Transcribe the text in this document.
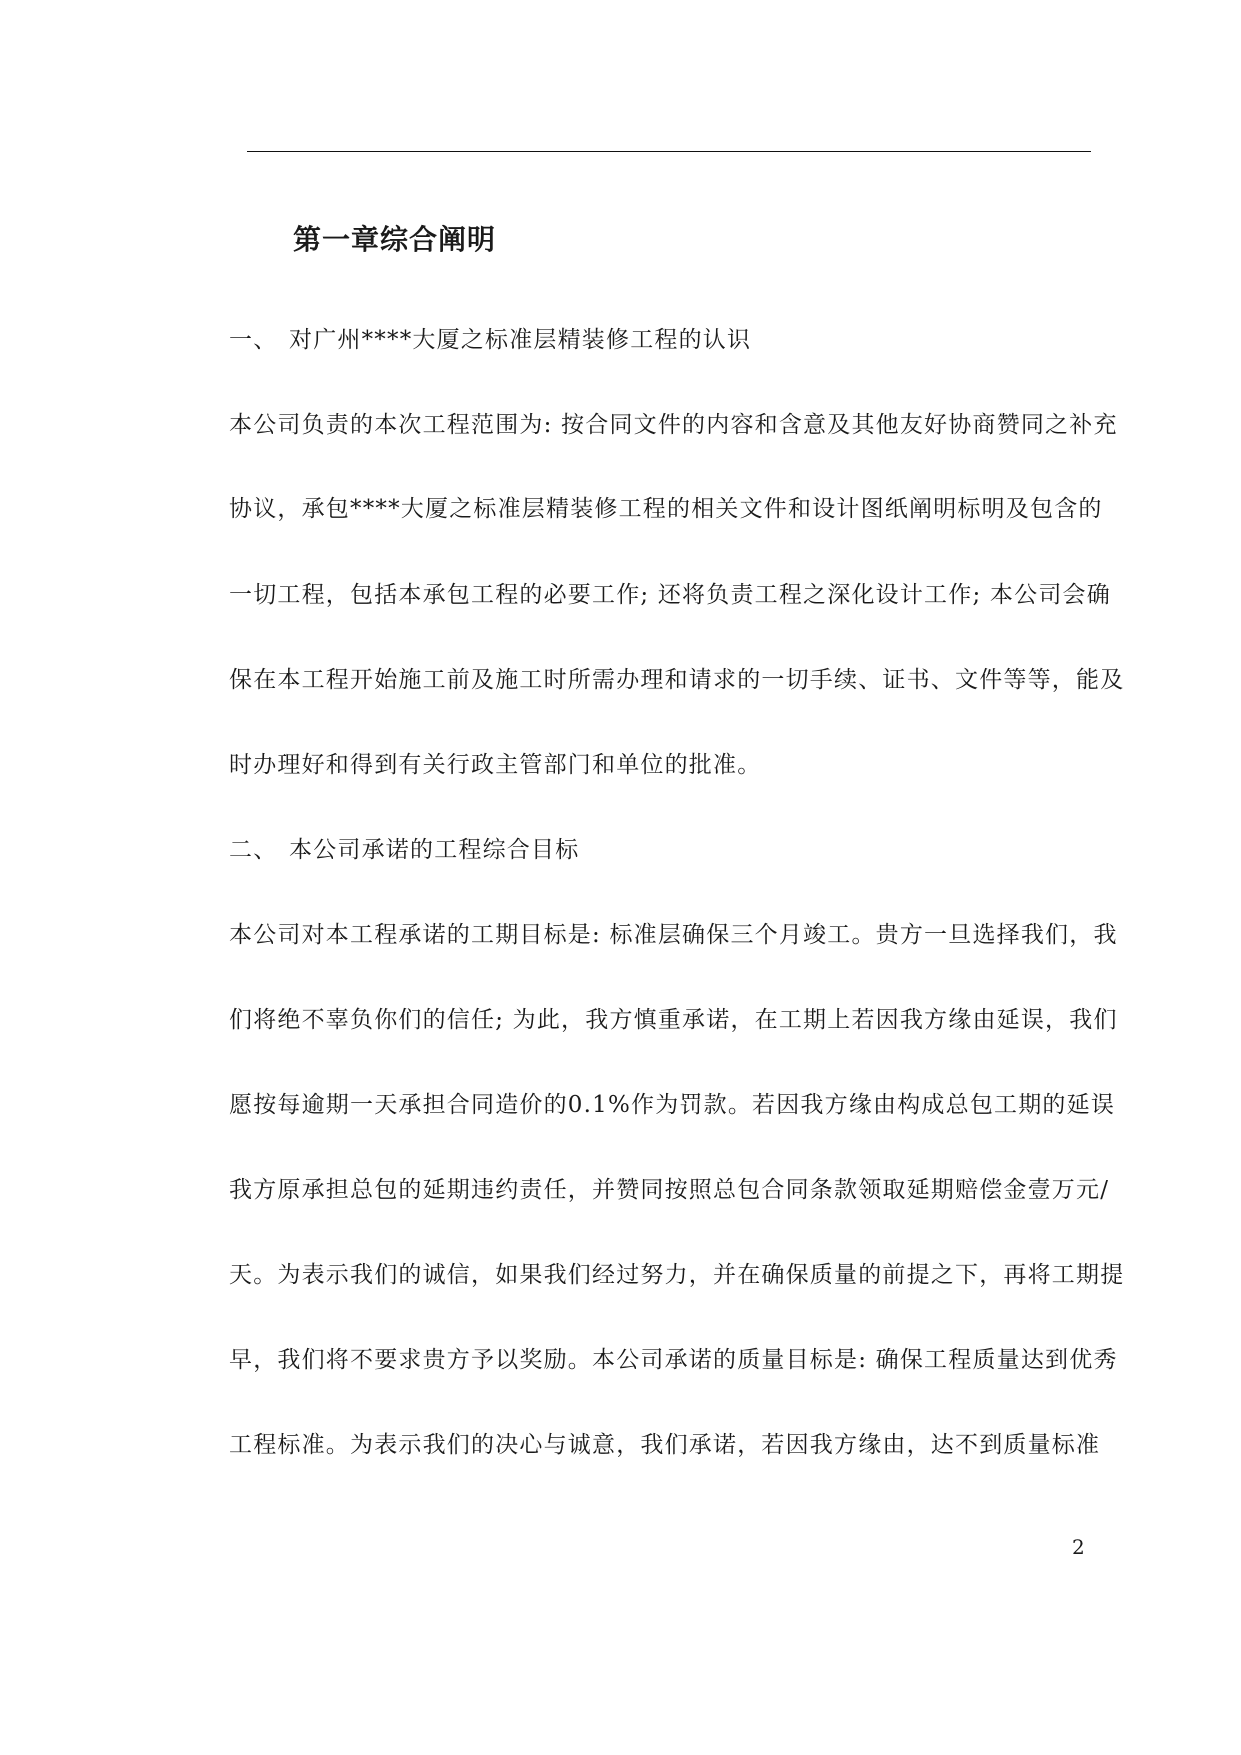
第一章综合阐明
一、 对广州****大厦之标准层精装修工程的认识
本公司负责的本次工程范围为: 按合同文件的内容和含意及其他友好协商赞同之补充
协议，承包****大厦之标准层精装修工程的相关文件和设计图纸阐明标明及包含的
一切工程，包括本承包工程的必要工作; 还将负责工程之深化设计工作; 本公司会确
保在本工程开始施工前及施工时所需办理和请求的一切手续、证书、文件等等，能及
时办理好和得到有关行政主管部门和单位的批准。
二、 本公司承诺的工程综合目标
本公司对本工程承诺的工期目标是: 标准层确保三个月竣工。贵方一旦选择我们，我
们将绝不辜负你们的信任; 为此，我方慎重承诺，在工期上若因我方缘由延误，我们
愿按每逾期一天承担合同造价的0.1%作为罚款。若因我方缘由构成总包工期的延误
我方原承担总包的延期违约责任，并赞同按照总包合同条款领取延期赔偿金壹万元/
天。为表示我们的诚信，如果我们经过努力，并在确保质量的前提之下，再将工期提
早，我们将不要求贵方予以奖励。本公司承诺的质量目标是: 确保工程质量达到优秀
工程标准。为表示我们的决心与诚意，我们承诺，若因我方缘由，达不到质量标准
2
